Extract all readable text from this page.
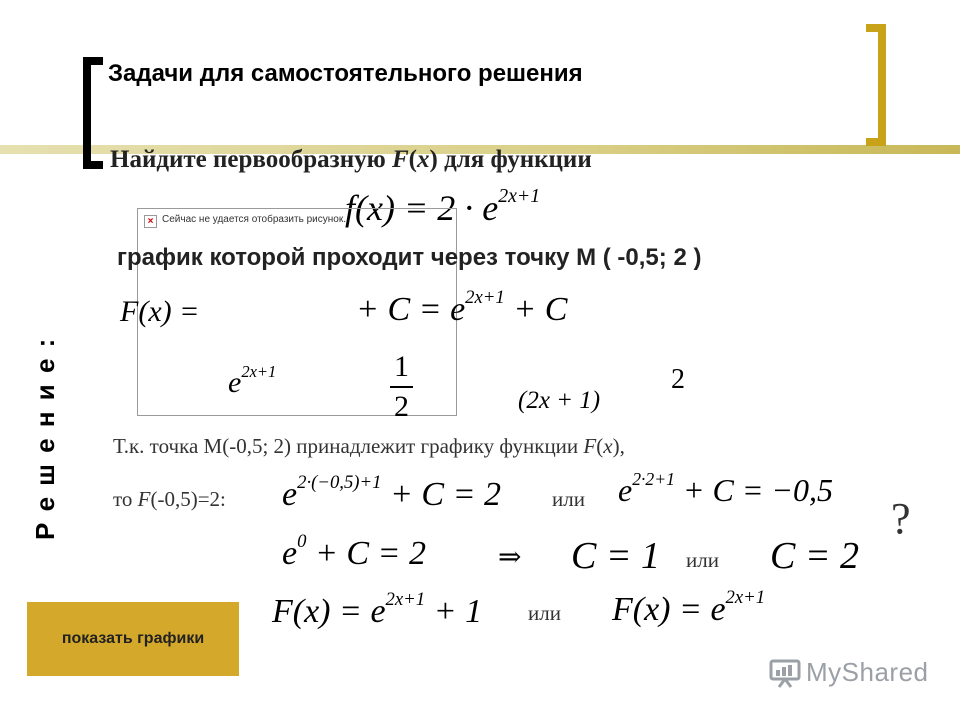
Задачи для самостоятельного решения
Найдите первообразную F(x) для функции
$f(x) = 2 \cdot e^{2x+1}$
× Сейчас не удается отобразить рисунок.
график которой проходит через точку М ( -0,5; 2 )
Р е ш е н и е :
F(x) =	+ $C = e^{2x+1} + C$
$e^{2x+1}$	$\frac{1}{2}$	(2x + 1)
2
Т.к. точка М(-0,5; 2) принадлежит графику функции F(x),
то F(-0,5)=2: $e^{2\cdot(-0,5)+1} + C = 2$ или $e^{2\cdot 2+1} + C = -0,5$
?
$e^0 + C = 2$	⇒ C = 1 или C = 2
$F(x) = e^{2x+1} + 1$ или $F(x) = e^{2x+1}$
показать графики
MyShared
